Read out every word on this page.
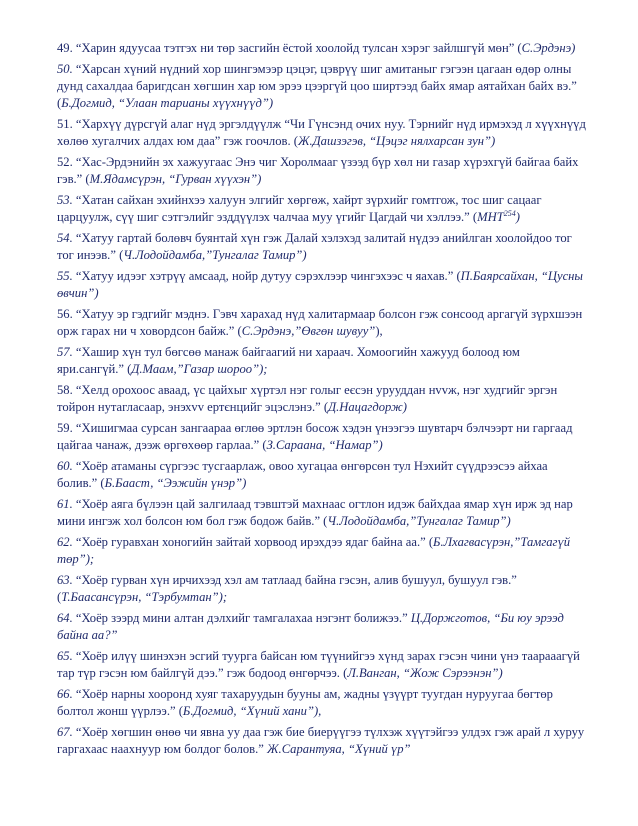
49. “Харин ядуусаа тэтгэх ни төр засгийн ёстой хоолойд тулсан хэрэг зайлшгүй мөн” (С.Эрдэнэ)

50. “Харсан хүний нүдний хор шингэмээр цэцэг, цэврүү шиг амитаныг гэгээн цагаан өдөр олны дунд сахалдаа баригдсан хөгшин хар юм эрээ цээргүй цоо ширтээд байх ямар аятайхан байх вэ.” (Б.Догмид, “Улаан тарианы хүүхнүүд”)

51. “Хархүү дүрсгүй алаг нүд эргэлдүүлж “Чи Гүнсэнд очих нуу. Тэрнийг нүд ирмэхэд л хүүхнүүд хөлөө хугалчих алдах юм даа” гэж гоочлов. (Ж.Дашзэгэв, “Цэцэг нялхарсан зун”)

52. “Хас-Эрдэнийн эх хажуугаас Энэ чиг Хоролмааг үзээд бүр хөл ни газар хүрэхгүй байгаа байх гэв.” (М.Ядамсүрэн, “Гурван хүүхэн”)

53. “Хатан сайхан эхийнхээ халуун элгийг хөргөж, хайрт зүрхийг гомтгож, тос шиг сацааг царцуулж, сүү шиг сэтгэлийг эзддүүлэх чалчаа муу үгийг Цагдай чи хэллээ.” (МНТ$^{254}$)

54. “Хатуу гартай болөвч буянтай хүн гэж Далай хэлэхэд залитай нүдээ анийлган хоолойдоо тог тог инээв.” (Ч.Лодойдамба,”Тунгалаг Тамир”)

55. “Хатуу идээг хэтрүү амсаад, нойр дутуу сэрэхлээр чингэхээс ч яахав.” (П.Баярсайхан, “Цусны өвчин”)

56. “Хатуу эр гэдгийг мэднэ. Гэвч харахад нүд халитармаар болсон гэж сонсоод аргагүй зүрхшээн орж гарах ни ч ховордсон байж.” (С.Эрдэнэ,”Өвгөн шувуу”),

57. “Хашир хүн тул бөгсөө манаж байгаагий ни хараач. Хомоогийн хажууд болоод юм яри.сангүй.” (Д.Маам,”Газар шороо”);

58. “Хелд орохоос аваад, үс цайхыг хүртэл нэг голыг еєсэн урууддан нvvж, нэг худгийг эргэн тойрон нутагласаар, энэхvv ертєнцийг эцэслэнэ.” (Д.Нацагдорж)

59. “Хишигмаа сурсан зангаараа өглөө эртлэн босож хэдэн үнээгээ шувтарч бэлчээрт ни гаргаад цайгаа чанаж, дээж өргөхөөр гарлаа.” (З.Сараана, “Намар”)

60. “Хоёр атаманы сүргээс тусгаарлаж, овоо хугацаа өнгөрсөн тул Нэхийт сүүдрээсээ айхаа болив.” (Б.Бааст, “Ээжийн үнэр”)

61. “Хоёр аяга бүлээн цай залгилаад тэвштэй махнаас огтлон идэж байхдаа ямар хүн ирж эд нар мини ингэж хол болсон юм бол гэж бодож байв.” (Ч.Лодойдамба,”Тунгалаг Тамир”)

62. “Хоёр гуравхан хоногийн зайтай хорвоод ирэхдээ ядаг байна аа.” (Б.Лхагвасүрэн,”Тамгагүй төр”);

63. “Хоёр гурван хүн ирчихээд хэл ам татлаад байна гэсэн, алив бушуул, бушуул гэв.” (Т.Баасансүрэн, “Тэрбумтан”);

64. “Хоёр зээрд мини алтан дэлхийг тамгалахаа нэгэнт болижээ.” Ц.Доржготов, “Би юу эрээд байна аа?”

65. “Хоёр илүү шинэхэн эсгий туурга байсан юм түүнийгээ хүнд зарах гэсэн чини үнэ таарааагүй тар түр гэсэн юм байлгүй дээ.” гэж бодоод өнгөрчээ. (Л.Ванган, “Жож Сэрээнэн”)

66. “Хоёр нарны хооронд хуяг тахаруудын бууны ам, жадны үзүүрт туугдан нуруугаа бөгтөр болтол жонш үүрлээ.” (Б.Догмид, “Хүний хани”),

67. “Хоёр хөгшин өнөө чи явна уу даа гэж бие биерүүгээ түлхэж хүүтэйгээ улдэх гэж арай л хуруу гаргахаас наахнуур юм болдог болов.” Ж.Сарантуяа, “Хүний үр”
